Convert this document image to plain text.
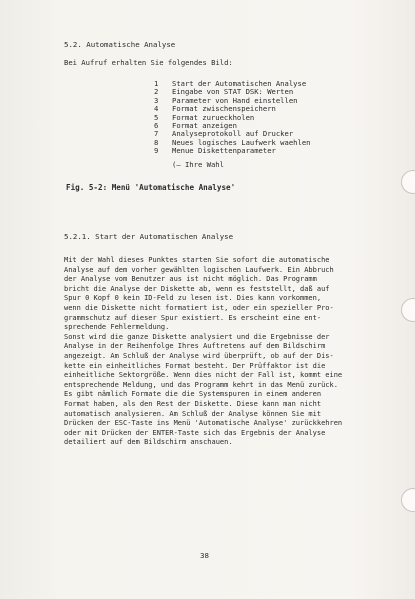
5.2. Automatische Analyse
Bei Aufruf erhalten Sie folgendes Bild:
1	Start der Automatischen Analyse
2	Eingabe von STAT DSK: Werten
3	Parameter von Hand einstellen
4	Format zwischenspeichern
5	Format zurueckholen
6	Format anzeigen
7	Analyseprotokoll auf Drucker
8	Neues logisches Laufwerk waehlen
9	Menue Diskettenparameter
(— Ihre Wahl
Fig. 5-2: Menü 'Automatische Analyse'
5.2.1. Start der Automatischen Analyse
Mit der Wahl dieses Punktes starten Sie sofort die automatische
Analyse auf dem vorher gewählten logischen Laufwerk. Ein Abbruch
der Analyse vom Benutzer aus ist nicht möglich. Das Programm
bricht die Analyse der Diskette ab, wenn es feststellt, daß auf
Spur 0 Kopf 0 kein ID-Feld zu lesen ist. Dies kann vorkommen,
wenn die Diskette nicht formatiert ist, oder ein spezieller Pro-
grammschutz auf dieser Spur existiert. Es erscheint eine ent-
sprechende Fehlermeldung.
Sonst wird die ganze Diskette analysiert und die Ergebnisse der
Analyse in der Reihenfolge Ihres Auftretens auf dem Bildschirm
angezeigt. Am Schluß der Analyse wird überprüft, ob auf der Dis-
kette ein einheitliches Format besteht. Der Prüffaktor ist die
einheitliche Sektorgröße. Wenn dies nicht der Fall ist, kommt eine
entsprechende Meldung, und das Programm kehrt in das Menü zurück.
Es gibt nämlich Formate die die Systemspuren in einem anderen
Format haben, als den Rest der Diskette. Diese kann man nicht
automatisch analysieren. Am Schluß der Analyse können Sie mit
Drücken der ESC-Taste ins Menü 'Automatische Analyse' zurückkehren
oder mit Drücken der ENTER-Taste sich das Ergebnis der Analyse
detailiert auf dem Bildschirm anschauen.
38
